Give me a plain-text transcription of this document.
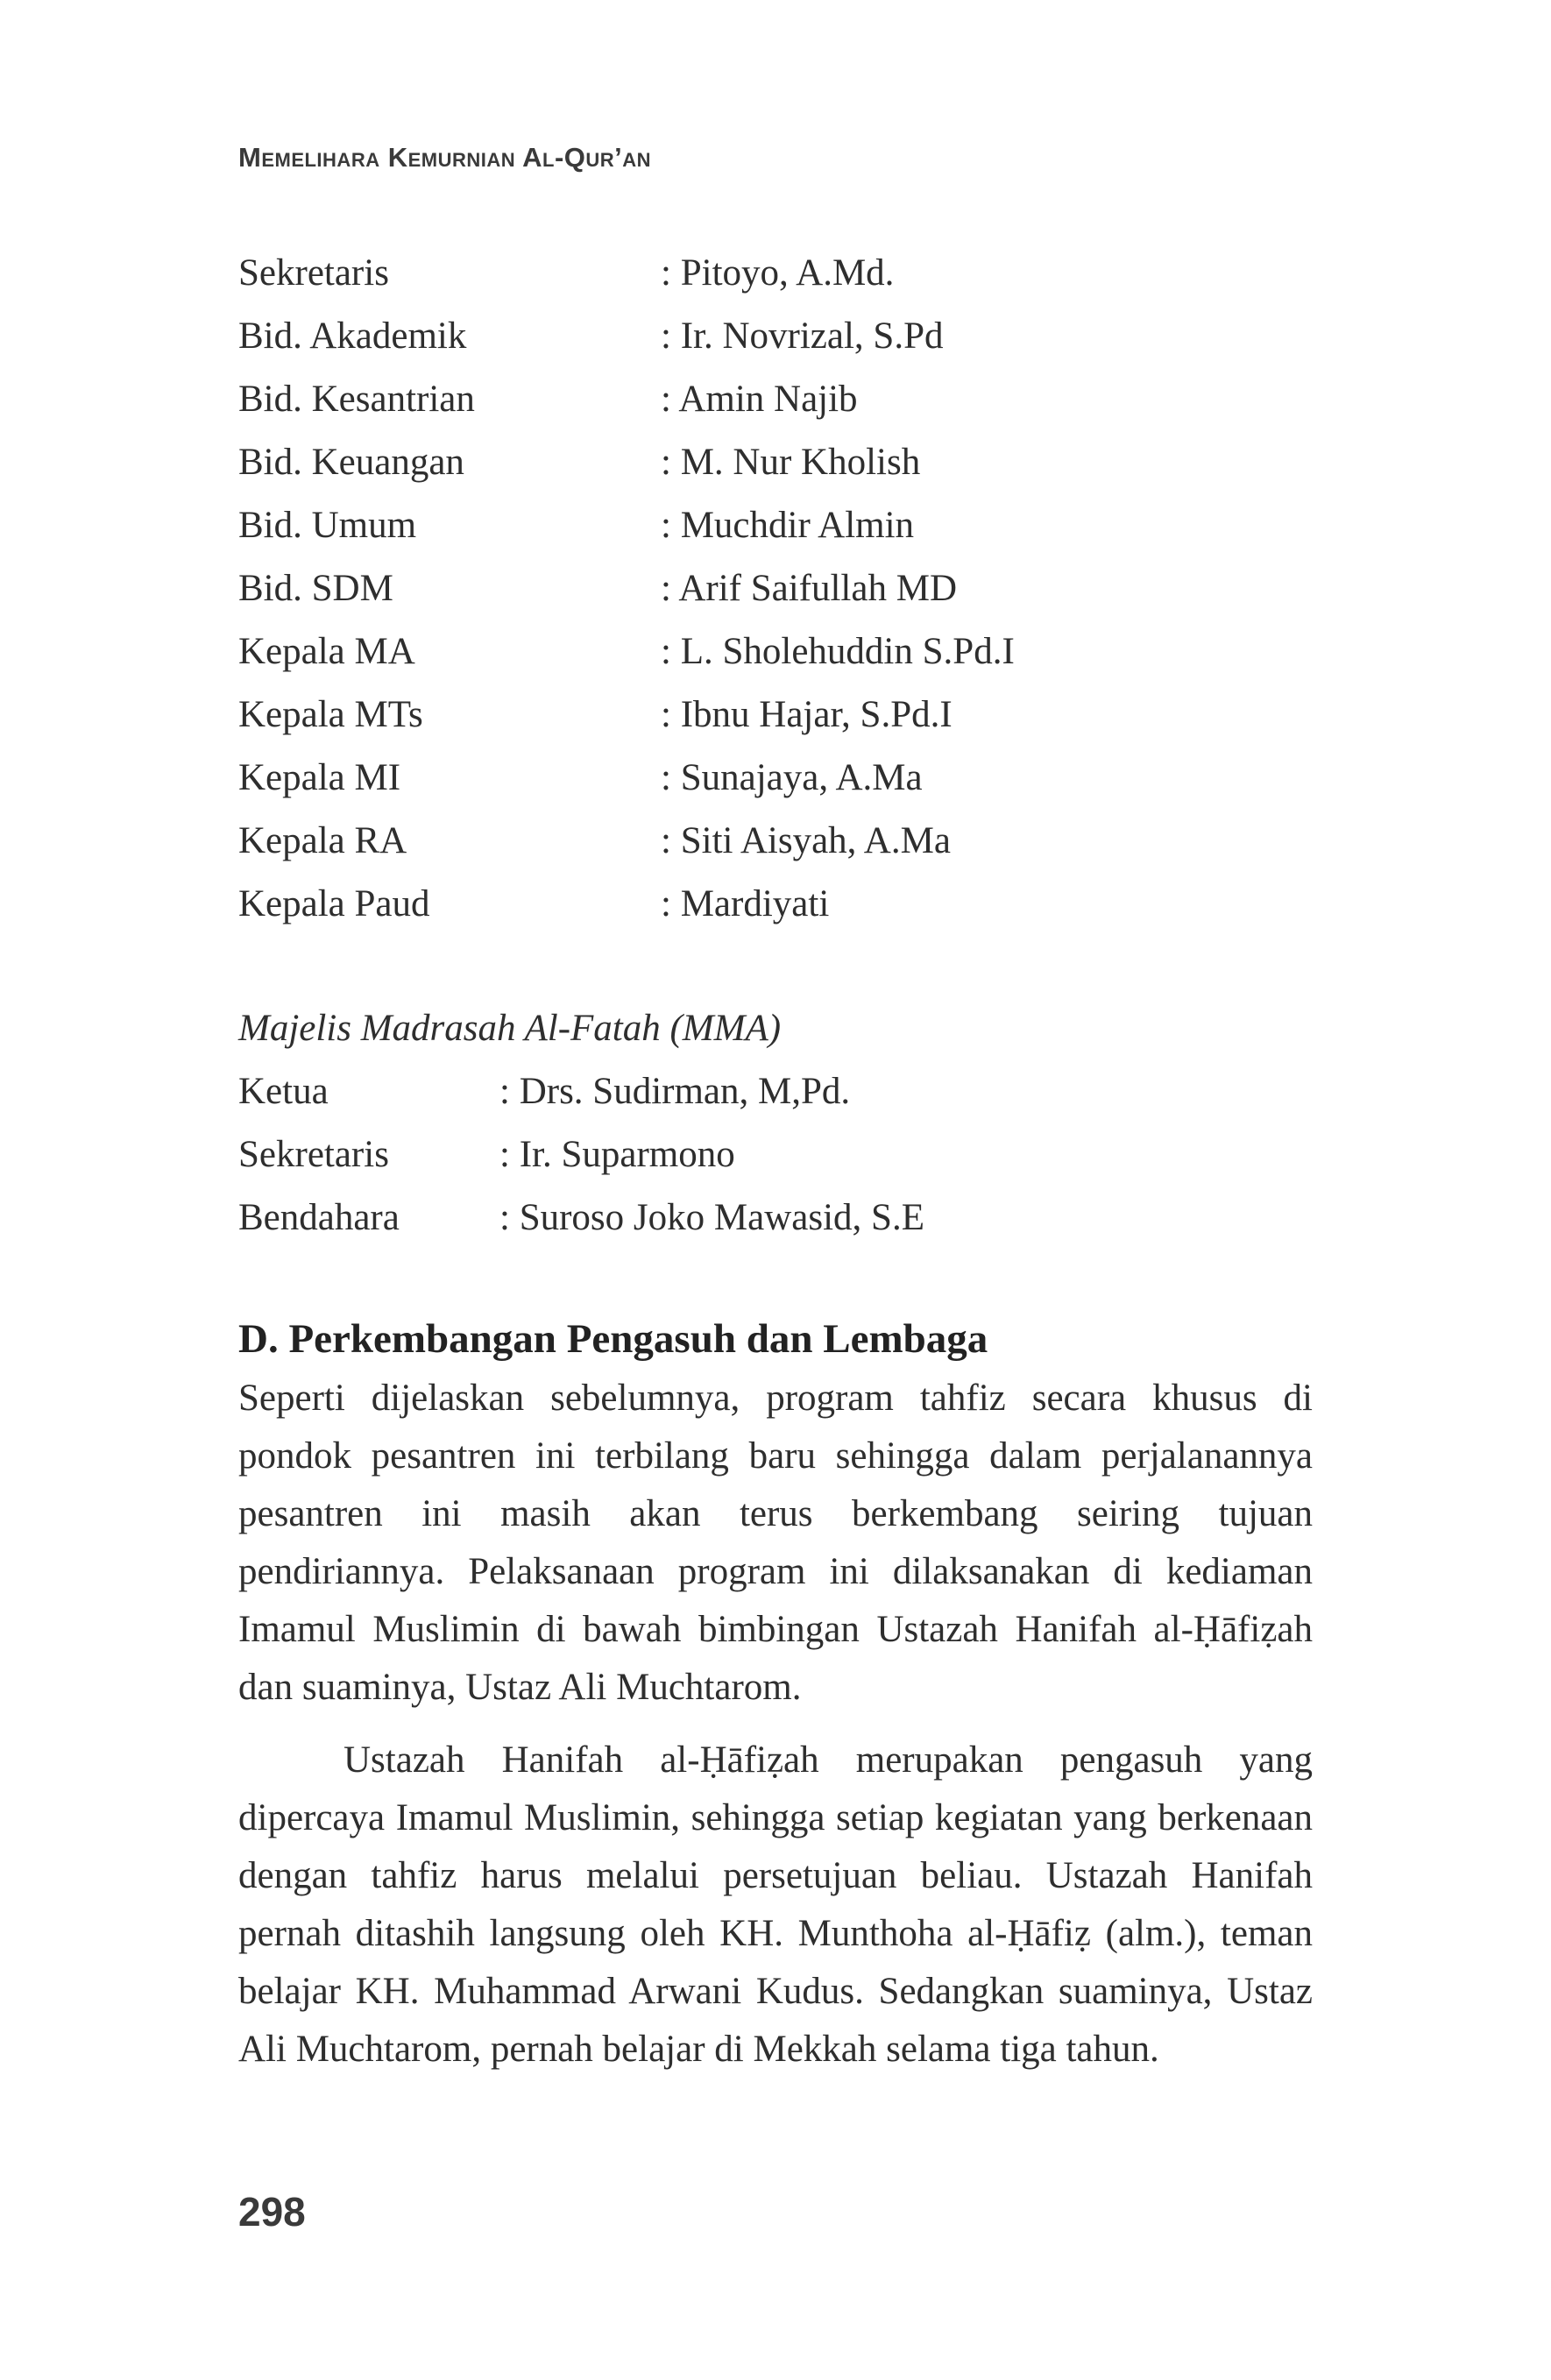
Memelihara Kemurnian Al-Qur’an
Sekretaris	: Pitoyo, A.Md.
Bid. Akademik	: Ir. Novrizal, S.Pd
Bid. Kesantrian	: Amin Najib
Bid. Keuangan	: M. Nur Kholish
Bid. Umum	: Muchdir Almin
Bid. SDM	: Arif Saifullah MD
Kepala MA	: L. Sholehuddin S.Pd.I
Kepala MTs	: Ibnu Hajar, S.Pd.I
Kepala MI	: Sunajaya, A.Ma
Kepala RA	: Siti Aisyah, A.Ma
Kepala Paud	: Mardiyati
Majelis Madrasah Al-Fatah (MMA)
Ketua	: Drs. Sudirman, M,Pd.
Sekretaris	: Ir. Suparmono
Bendahara	: Suroso Joko Mawasid, S.E
D. Perkembangan Pengasuh dan Lembaga

Seperti dijelaskan sebelumnya, program tahfiz secara khusus di pondok pesantren ini terbilang baru sehingga dalam perjalanannya pesantren ini masih akan terus berkembang seiring tujuan pendiriannya. Pelaksanaan program ini dilaksanakan di kediaman Imamul Muslimin di bawah bimbingan Ustazah Hanifah al-Ḥāfiẓah dan suaminya, Ustaz Ali Muchtarom.

Ustazah Hanifah al-Ḥāfiẓah merupakan pengasuh yang dipercaya Imamul Muslimin, sehingga setiap kegiatan yang berkenaan dengan tahfiz harus melalui persetujuan beliau. Ustazah Hanifah pernah ditashih langsung oleh KH. Munthoha al-Ḥāfiẓ (alm.), teman belajar KH. Muhammad Arwani Kudus. Sedangkan suaminya, Ustaz Ali Muchtarom, pernah belajar di Mekkah selama tiga tahun.

298
